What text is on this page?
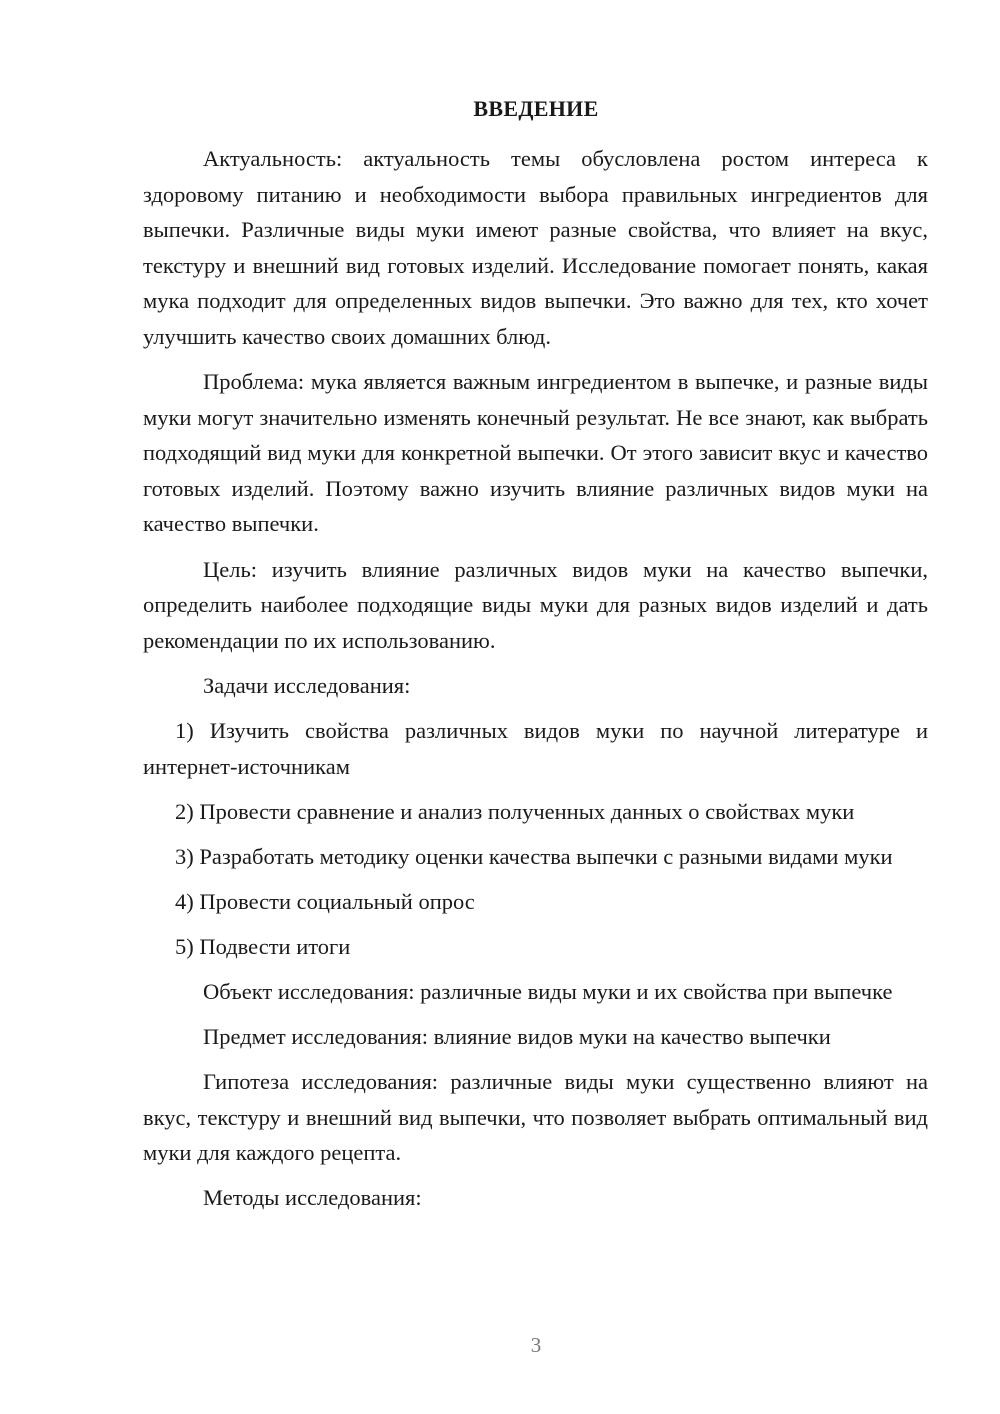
ВВЕДЕНИЕ

Актуальность: актуальность темы обусловлена ростом интереса к здоровому питанию и необходимости выбора правильных ингредиентов для выпечки. Различные виды муки имеют разные свойства, что влияет на вкус, текстуру и внешний вид готовых изделий. Исследование помогает понять, какая мука подходит для определенных видов выпечки. Это важно для тех, кто хочет улучшить качество своих домашних блюд.

Проблема: мука является важным ингредиентом в выпечке, и разные виды муки могут значительно изменять конечный результат. Не все знают, как выбрать подходящий вид муки для конкретной выпечки. От этого зависит вкус и качество готовых изделий. Поэтому важно изучить влияние различных видов муки на качество выпечки.

Цель: изучить влияние различных видов муки на качество выпечки, определить наиболее подходящие виды муки для разных видов изделий и дать рекомендации по их использованию.

Задачи исследования:

1) Изучить свойства различных видов муки по научной литературе и интернет-источникам

2) Провести сравнение и анализ полученных данных о свойствах муки

3) Разработать методику оценки качества выпечки с разными видами муки

4) Провести социальный опрос

5) Подвести итоги

Объект исследования: различные виды муки и их свойства при выпечке

Предмет исследования: влияние видов муки на качество выпечки

Гипотеза исследования: различные виды муки существенно влияют на вкус, текстуру и внешний вид выпечки, что позволяет выбрать оптимальный вид муки для каждого рецепта.

Методы исследования:

3
